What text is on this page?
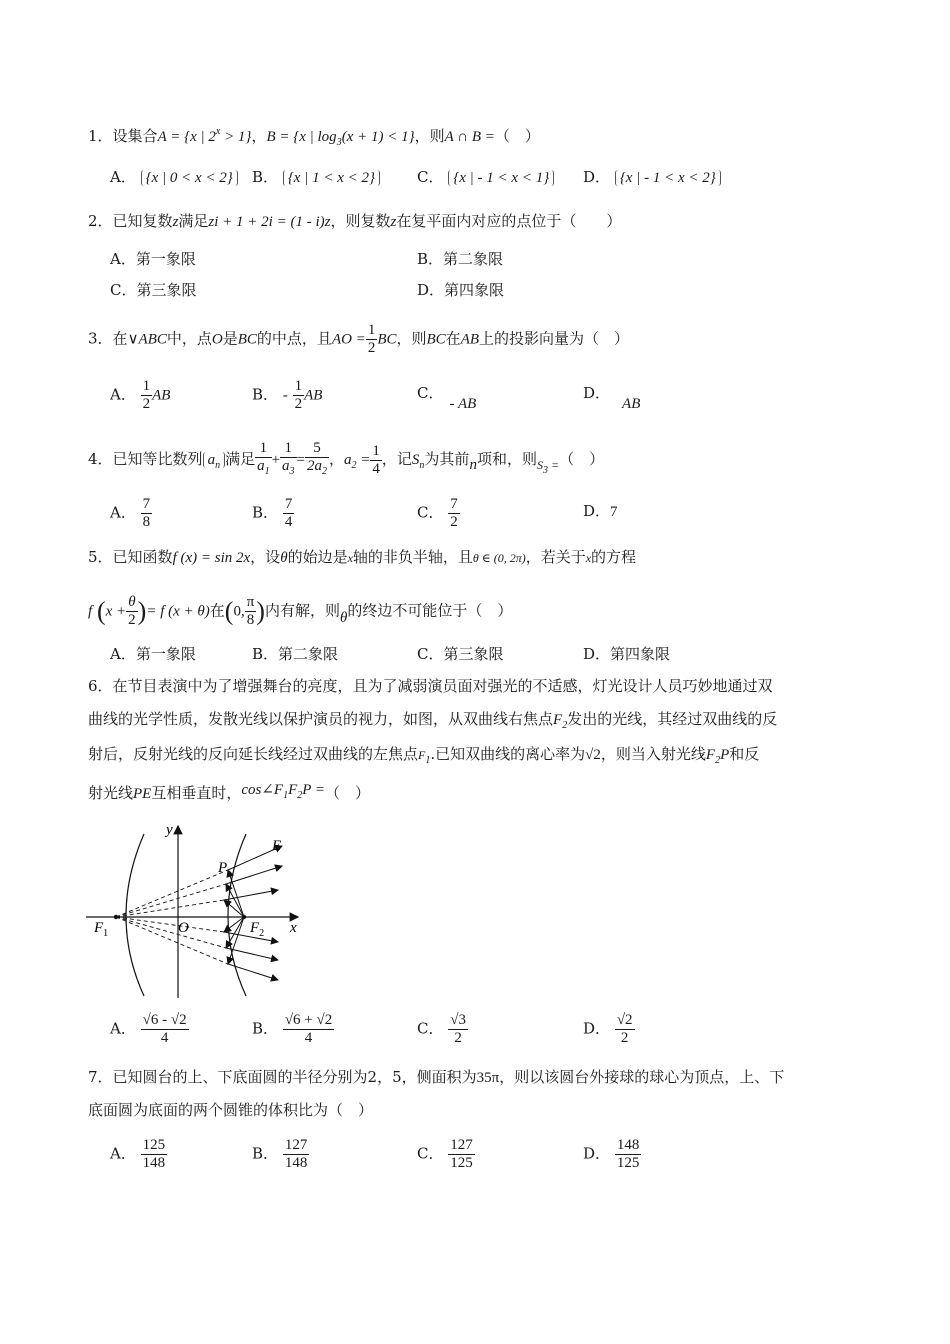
1．设集合A = {x | $2^x > 1$}，B = {x | $\log_3(x + 1) < 1$}，则A ∩ B =（　）
A． {x | 0 < x < 2}	B． {x | 1 < x < 2}	C． {x | - 1 < x < 1}	D． {x | - 1 < x < 2}
2．已知复数z满足zi + 1 + 2i = (1 - i)z，则复数z在复平面内对应的点位于（　　）
A．第一象限	B．第二象限
C．第三象限	D．第四象限
3．在∨ABC中，点O是BC的中点，且AO = $\frac{1}{2}$ BC，则BC在AB上的投影向量为（　）
A． $\frac{1}{2}$ AB	B． - $\frac{1}{2}$ AB	C．- AB
D．AB
4．已知等比数列 $a_n$ 满足 $\frac{1}{a_1} + \frac{1}{a_3} = \frac{5}{2a_2}$ ，$a_2 = \frac{1}{4}$ ，记$S_n$为其前n项和，则$_{S_3 =}$（　）
A． $\frac{7}{8}$	B． $\frac{7}{4}$	C． $\frac{7}{2}$	D．7
5．已知函数f (x) = sin 2x，设θ的始边是x轴的非负半轴，且θ ∈ (0, 2π)，若关于x的方程
f ($x + \frac{\theta}{2}$ )= f (x + θ)在(0, $\frac{\pi}{8}$ )内有解，则θ的终边不可能位于（　）
A．第一象限	B．第二象限	C．第三象限	D．第四象限
6．在节目表演中为了增强舞台的亮度，且为了减弱演员面对强光的不适感，灯光设计人员巧妙地通过双
曲线的光学性质，发散光线以保护演员的视力，如图，从双曲线右焦点$F_2$发出的光线，其经过双曲线的反
射后，反射光线的反向延长线经过双曲线的左焦点$F_1$.已知双曲线的离心率为√2，则当入射光线$F_2P$和反
射光线PE互相垂直时，$\cos\angle F_1F_2P$ =（　）
y
x
O
P
E
$F_1$	$F_2$
A． $\frac{√6 - √2}{4}$	B． $\frac{√6 + √2}{4}$	C． $\frac{√3}{2}$	D． $\frac{√2}{2}$
7．已知圆台的上、下底面圆的半径分别为2，5，侧面积为35π，则以该圆台外接球的球心为顶点，上、下
底面圆为底面的两个圆锥的体积比为（　）
A． $\frac{125}{148}$	B． $\frac{127}{148}$	C． $\frac{127}{125}$	D． $\frac{148}{125}$
